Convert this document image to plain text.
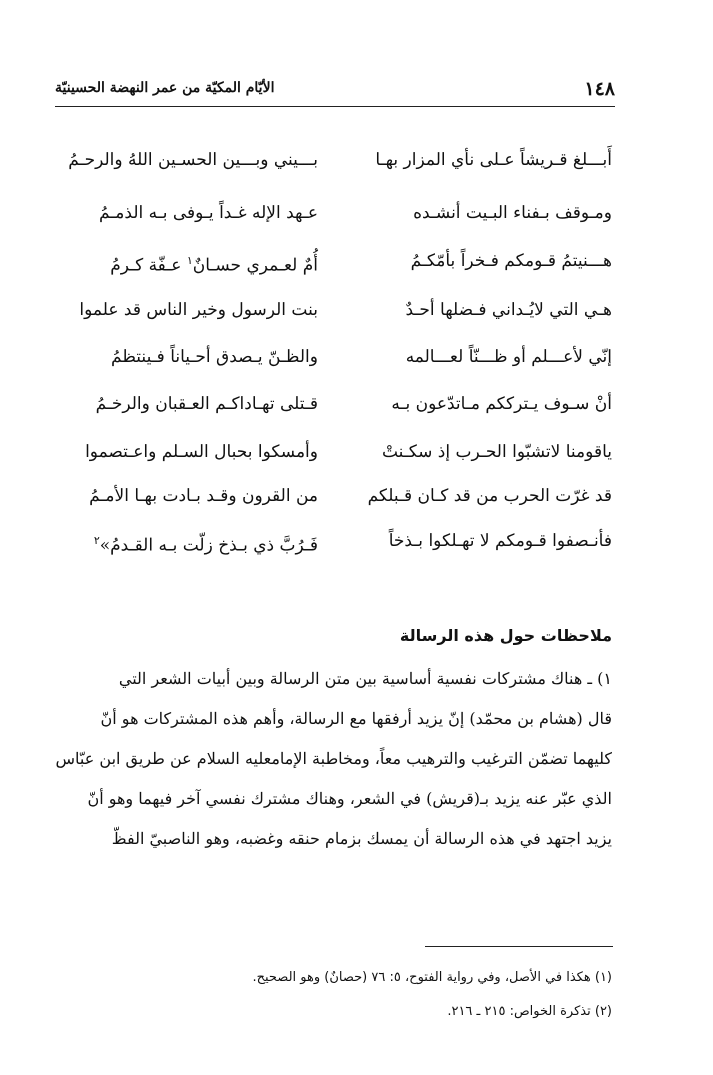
١٤٨
الأيّام المكيّة من عمر النهضة الحسينيّة
أَبـــلغ قـريشاً عـلى نأي المزار بهـا
بـــيني وبـــين الحسـين اللهُ والرحـمُ
ومـوقف بـفناء البـيت أنشـده
عـهد الإله غـداً يـوفى بـه الذمـمُ
هـــنيتمُ قـومكم فـخراً بأمّكـمُ
أُمٌ لعـمري حسـانٌ$^١$ عـفّة كـرمُ
هـي التي لايُـداني فـضلها أحـدٌ
بنت الرسول وخير الناس قد علموا
إنّي لأعـــلم أو ظـــنّاً لعـــالمه
والظـنّ يـصدق أحـياناً فـينتظمُ
أنْ سـوف يـترككم مـاتدّعون بـه
قـتلى تهـاداكـم العـقبان والرخـمُ
ياقومنا لاتشبّوا الحـرب إذ سكـنتْ
وأمسكوا بحبال السـلم واعـتصموا
قد غرّت الحرب من قد كـان قـبلكم
من القرون وقـد بـادت بهـا الأمـمُ
فأنـصفوا قـومكم لا تهـلكوا بـذخاً
فَـرُبَّ ذي بـذخ زلّت بـه القـدمُ»$^٢$
ملاحظات حول هذه الرسالة
١) ـ هناك مشتركات نفسية أساسية بين متن الرسالة وبين أبيات الشعر التي
قال (هشام بن محمّد) إنّ يزيد أرفقها مع الرسالة، وأهم هذه المشتركات هو أنّ
كليهما تضمّن الترغيب والترهيب معاً، ومخاطبة الإمامعليه السلام عن طريق ابن عبّاس
الذي عبّر عنه يزيد بـ(قريش) في الشعر، وهناك مشترك نفسي آخر فيهما وهو أنّ
يزيد اجتهد في هذه الرسالة أن يمسك بزمام حنقه وغضبه، وهو الناصبيّ الفظّ
(١) هكذا في الأصل، وفي رواية الفتوح، ٥: ٧٦ (حصانٌ) وهو الصحيح.
(٢) تذكرة الخواص: ٢١٥ ـ ٢١٦.
